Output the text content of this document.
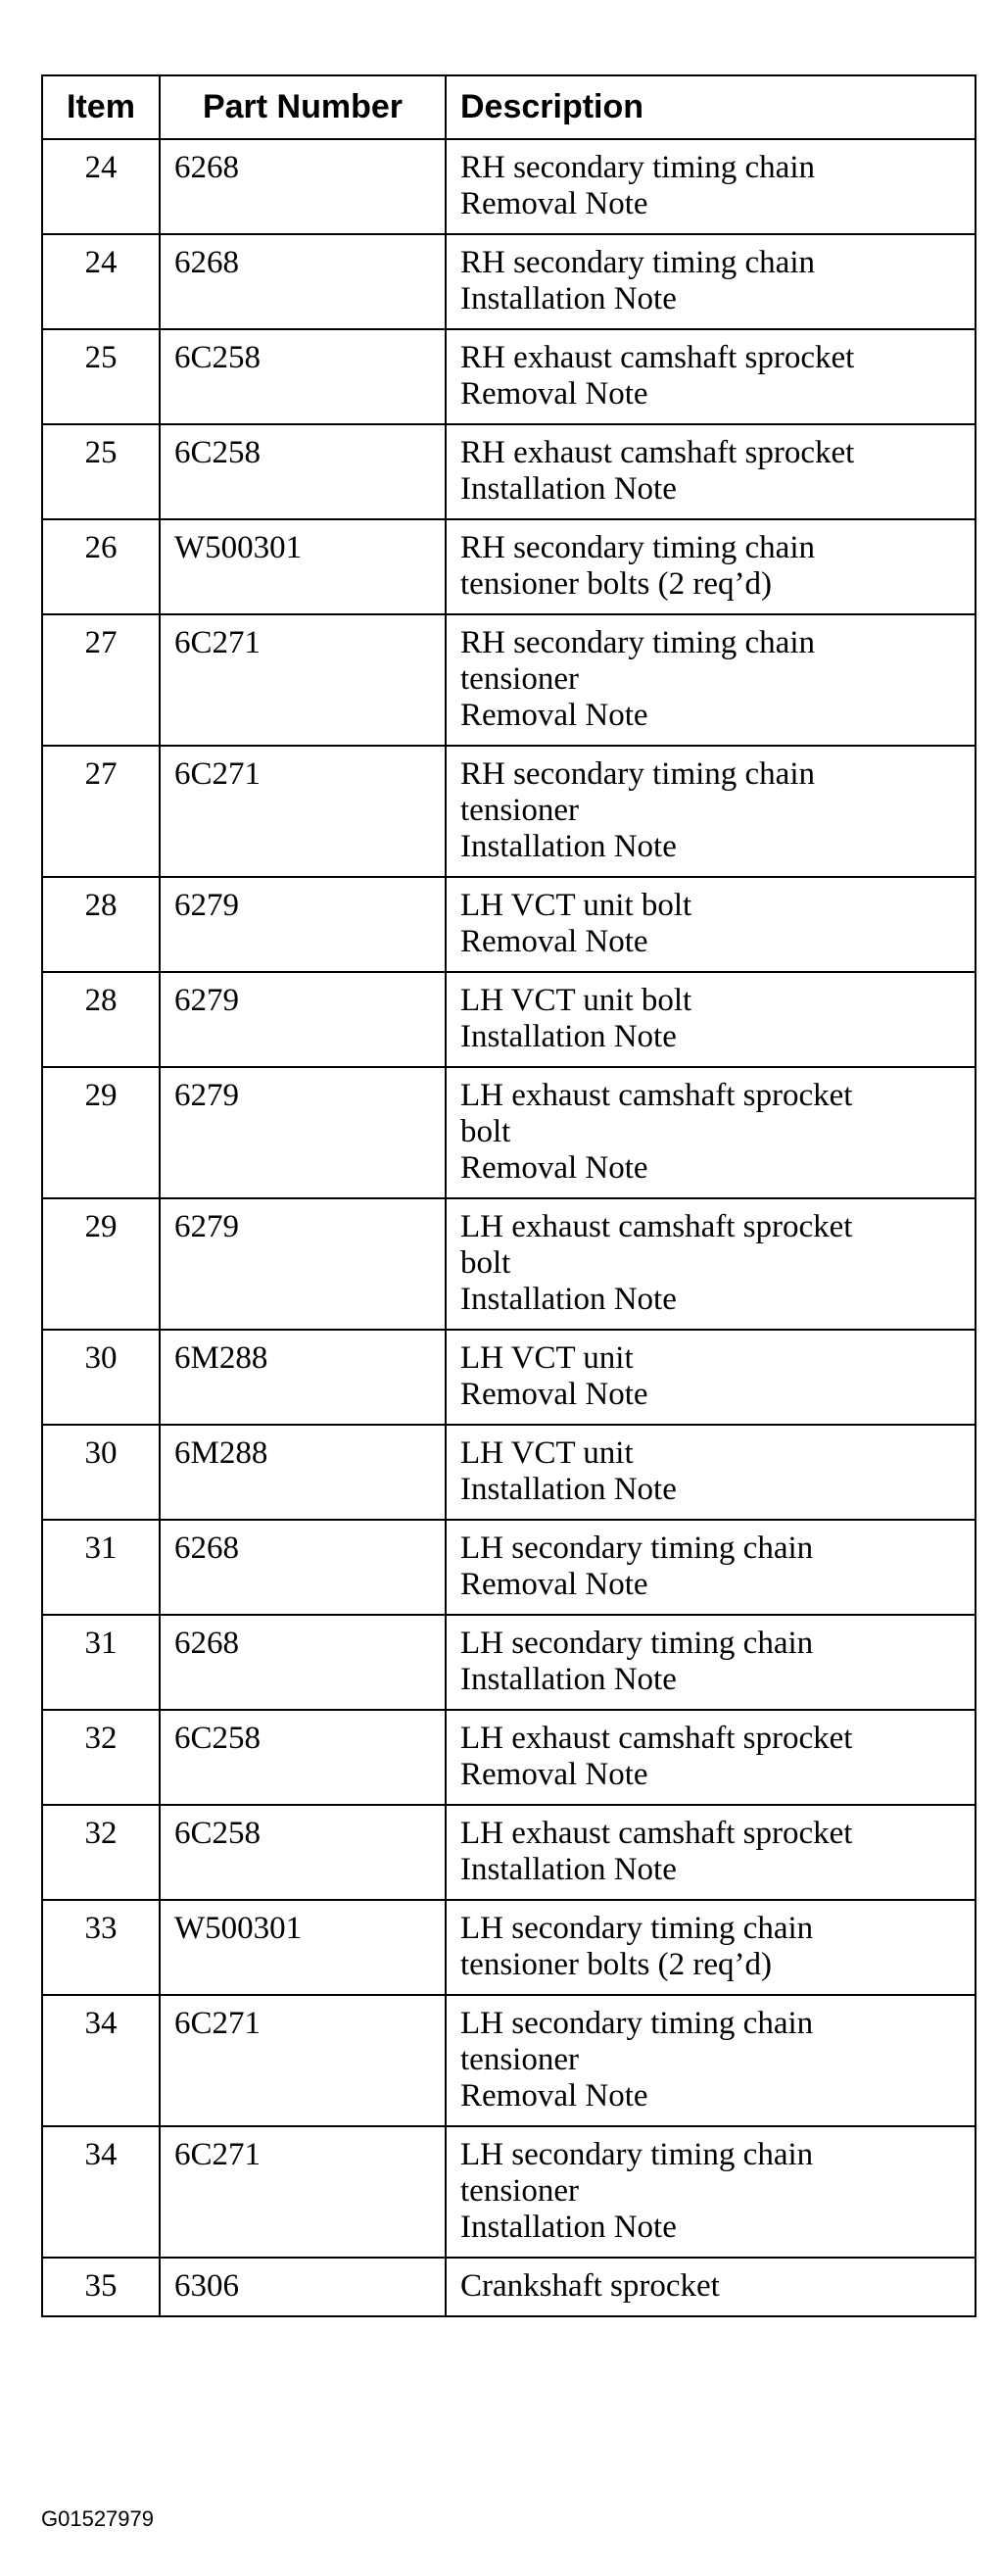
Item	Part Number	Description
24	6268	RH secondary timing chain
Removal Note

24	6268	RH secondary timing chain
Installation Note

25	6C258	RH exhaust camshaft sprocket
Removal Note

25	6C258	RH exhaust camshaft sprocket
Installation Note

26	W500301	RH secondary timing chain
tensioner bolts (2 req’d)

27	6C271	RH secondary timing chain
tensioner
Removal Note

27	6C271	RH secondary timing chain
tensioner
Installation Note

28	6279	LH VCT unit bolt
Removal Note

28	6279	LH VCT unit bolt
Installation Note

29	6279	LH exhaust camshaft sprocket
bolt
Removal Note

29	6279	LH exhaust camshaft sprocket
bolt
Installation Note

30	6M288	LH VCT unit
Removal Note

30	6M288	LH VCT unit
Installation Note

31	6268	LH secondary timing chain
Removal Note

31	6268	LH secondary timing chain
Installation Note

32	6C258	LH exhaust camshaft sprocket
Removal Note

32	6C258	LH exhaust camshaft sprocket
Installation Note

33	W500301	LH secondary timing chain
tensioner bolts (2 req’d)

34	6C271	LH secondary timing chain
tensioner
Removal Note

34	6C271	LH secondary timing chain
tensioner
Installation Note

35	6306	Crankshaft sprocket
G01527979
